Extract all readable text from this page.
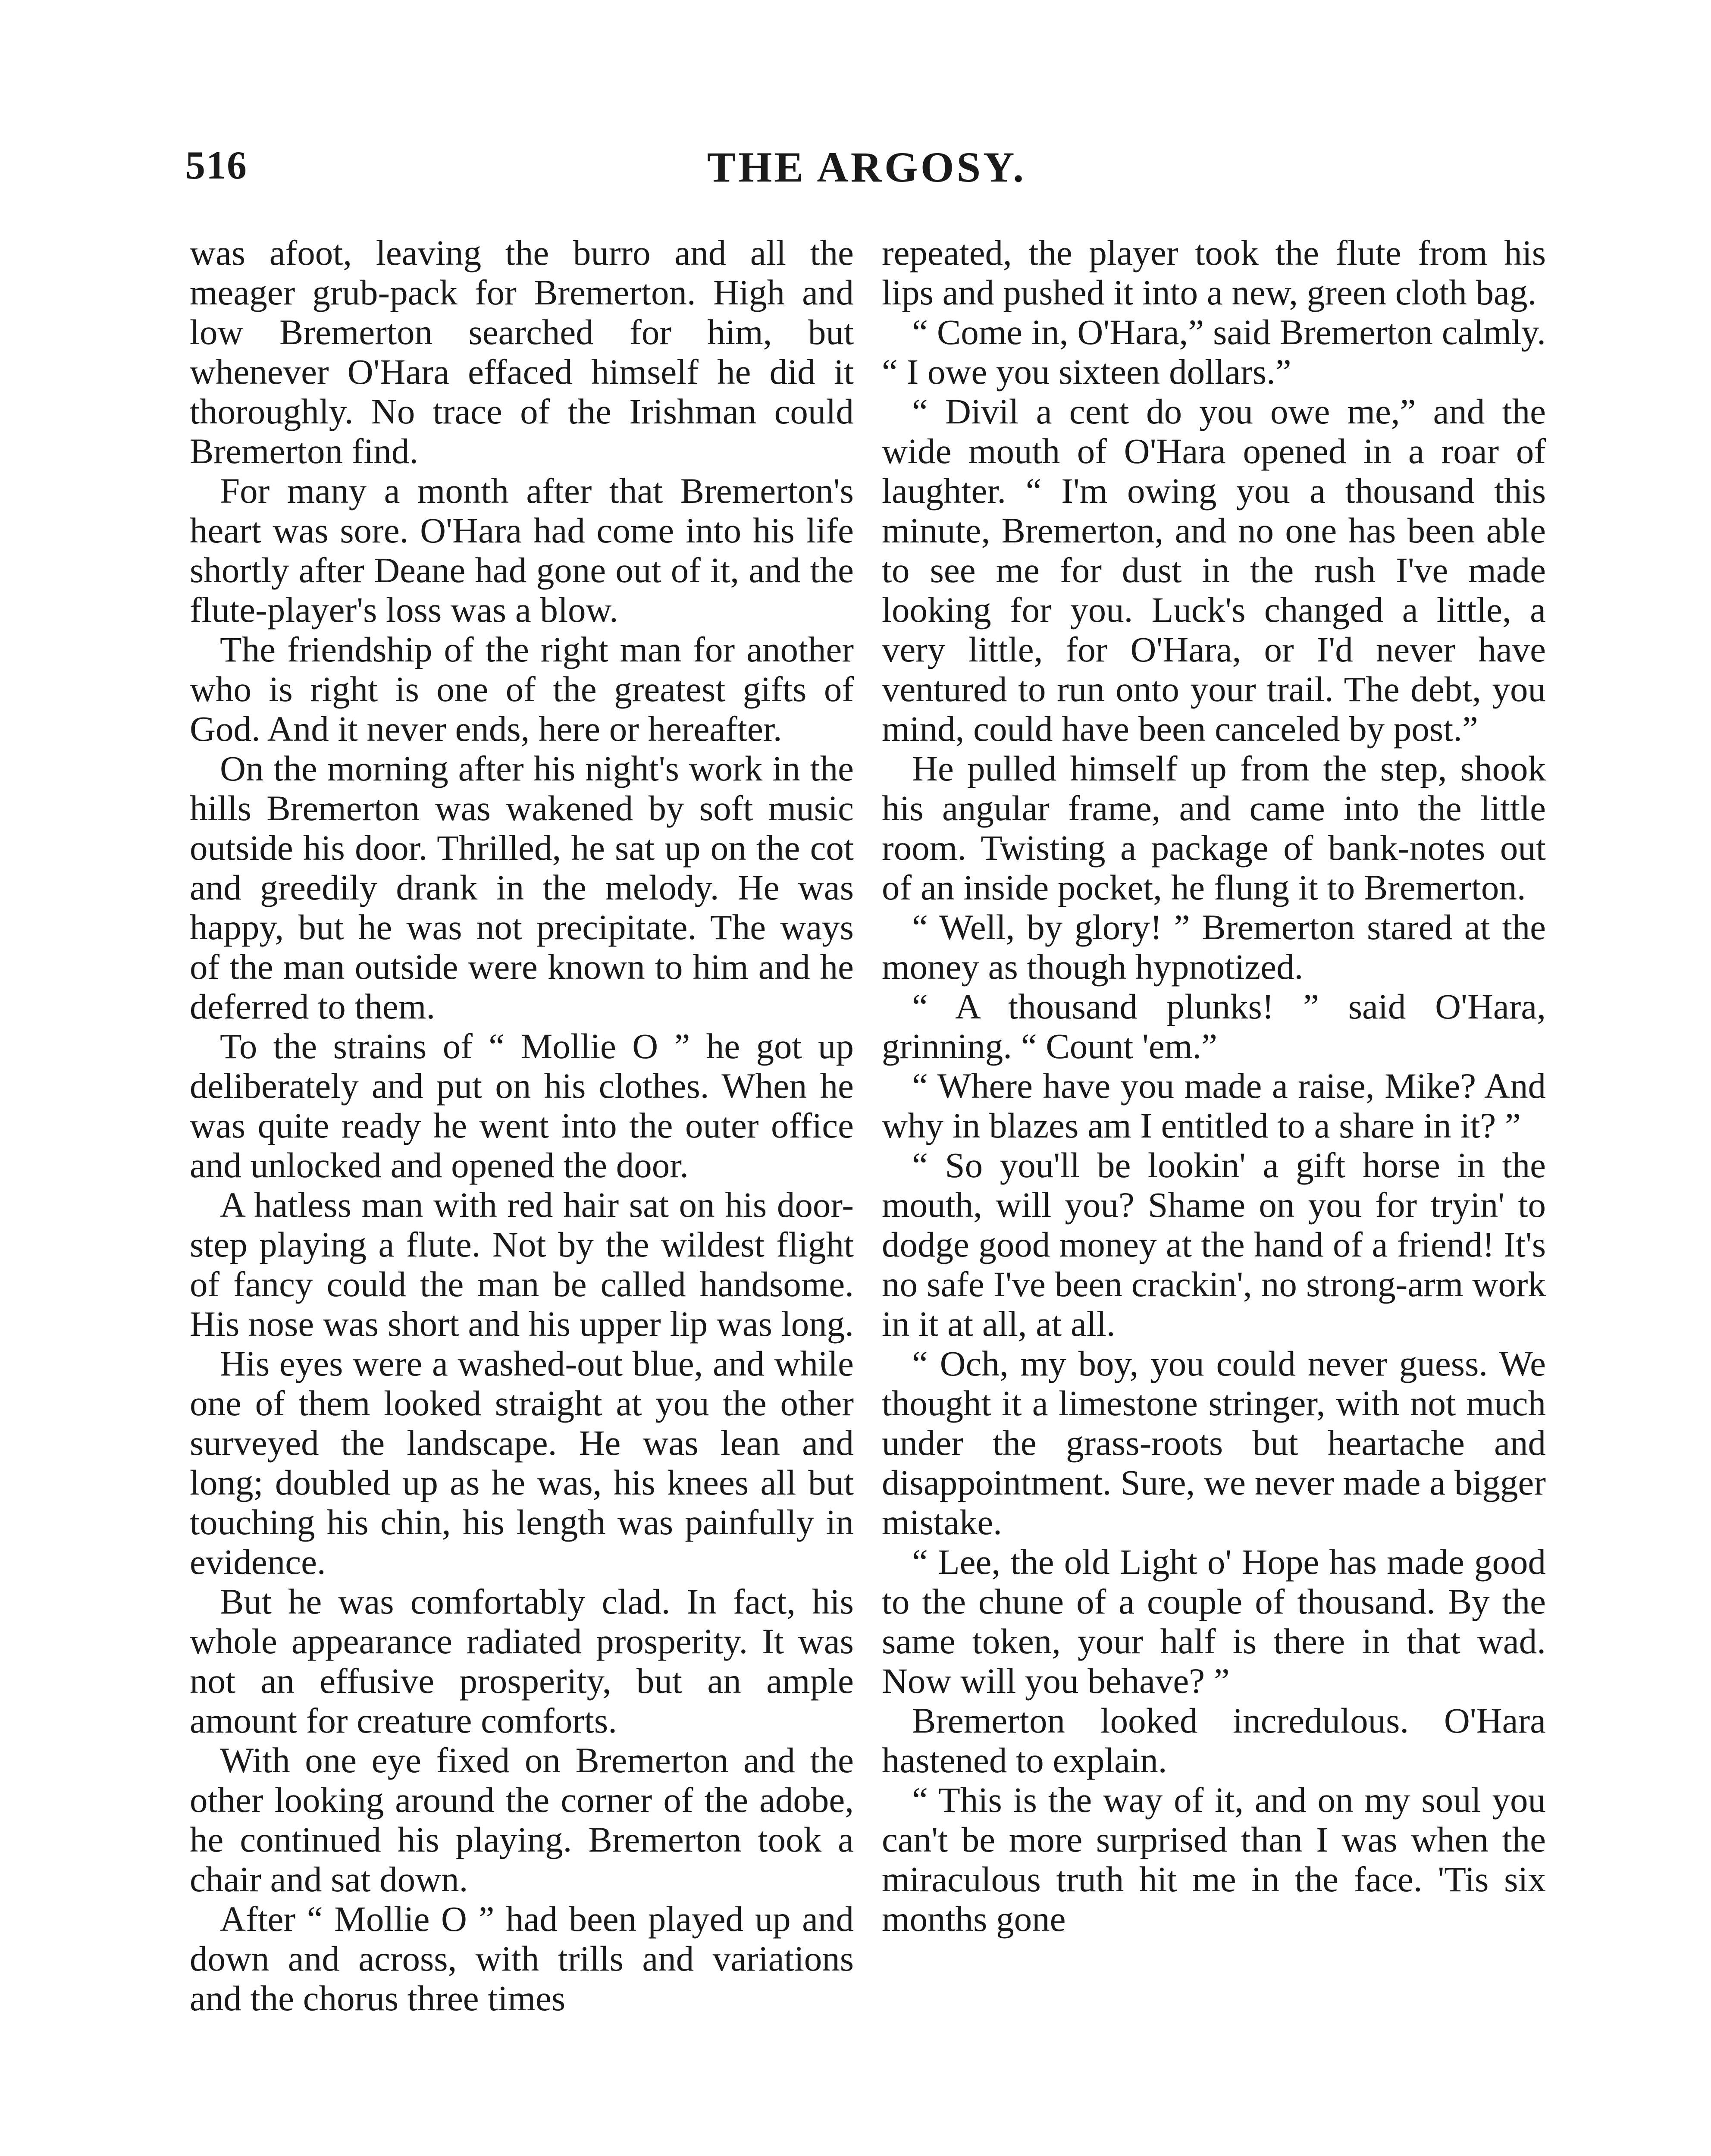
516	THE ARGOSY.

was afoot, leaving the burro and all the meager grub-pack for Bremerton. High and low Bremerton searched for him, but whenever O'Hara effaced himself he did it thoroughly. No trace of the Irishman could Bremerton find.

For many a month after that Bremerton's heart was sore. O'Hara had come into his life shortly after Deane had gone out of it, and the flute-player's loss was a blow.

The friendship of the right man for another who is right is one of the greatest gifts of God. And it never ends, here or hereafter.

On the morning after his night's work in the hills Bremerton was wakened by soft music outside his door. Thrilled, he sat up on the cot and greedily drank in the melody. He was happy, but he was not precipitate. The ways of the man outside were known to him and he deferred to them.

To the strains of “ Mollie O ” he got up deliberately and put on his clothes. When he was quite ready he went into the outer office and unlocked and opened the door.

A hatless man with red hair sat on his door-step playing a flute. Not by the wildest flight of fancy could the man be called handsome. His nose was short and his upper lip was long.

His eyes were a washed-out blue, and while one of them looked straight at you the other surveyed the landscape. He was lean and long; doubled up as he was, his knees all but touching his chin, his length was painfully in evidence.

But he was comfortably clad. In fact, his whole appearance radiated prosperity. It was not an effusive prosperity, but an ample amount for creature comforts.

With one eye fixed on Bremerton and the other looking around the corner of the adobe, he continued his playing. Bremerton took a chair and sat down.

After “ Mollie O ” had been played up and down and across, with trills and variations and the chorus three times

repeated, the player took the flute from his lips and pushed it into a new, green cloth bag.

“ Come in, O'Hara,” said Bremerton calmly. “ I owe you sixteen dollars.”

“ Divil a cent do you owe me,” and the wide mouth of O'Hara opened in a roar of laughter. “ I'm owing you a thousand this minute, Bremerton, and no one has been able to see me for dust in the rush I've made looking for you. Luck's changed a little, a very little, for O'Hara, or I'd never have ventured to run onto your trail. The debt, you mind, could have been canceled by post.”

He pulled himself up from the step, shook his angular frame, and came into the little room. Twisting a package of bank-notes out of an inside pocket, he flung it to Bremerton.

“ Well, by glory! ” Bremerton stared at the money as though hypnotized.

“ A thousand plunks! ” said O'Hara, grinning. “ Count 'em.”

“ Where have you made a raise, Mike? And why in blazes am I entitled to a share in it? ”

“ So you'll be lookin' a gift horse in the mouth, will you? Shame on you for tryin' to dodge good money at the hand of a friend! It's no safe I've been crackin', no strong-arm work in it at all, at all.

“ Och, my boy, you could never guess. We thought it a limestone stringer, with not much under the grass-roots but heartache and disappointment. Sure, we never made a bigger mistake.

“ Lee, the old Light o' Hope has made good to the chune of a couple of thousand. By the same token, your half is there in that wad. Now will you behave? ”

Bremerton looked incredulous. O'Hara hastened to explain.

“ This is the way of it, and on my soul you can't be more surprised than I was when the miraculous truth hit me in the face. 'Tis six months gone
